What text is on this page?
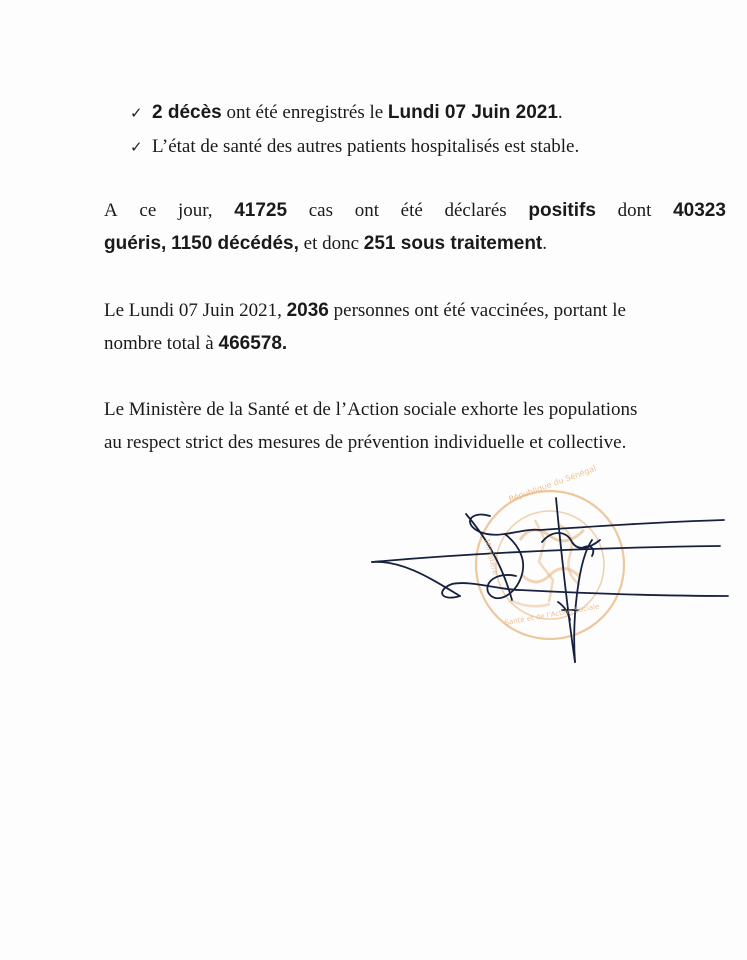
✓ 2 décès ont été enregistrés le Lundi 07 Juin 2021.
✓ L’état de santé des autres patients hospitalisés est stable.
A ce jour, 41725 cas ont été déclarés positifs dont 40323
guéris, 1150 décédés, et donc 251 sous traitement.
Le Lundi 07 Juin 2021, 2036 personnes ont été vaccinées, portant le
nombre total à 466578.
Le Ministère de la Santé et de l’Action sociale exhorte les populations
au respect strict des mesures de prévention individuelle et collective.
République du Sénégal
Ministère
Santé et de l’Action Sociale
